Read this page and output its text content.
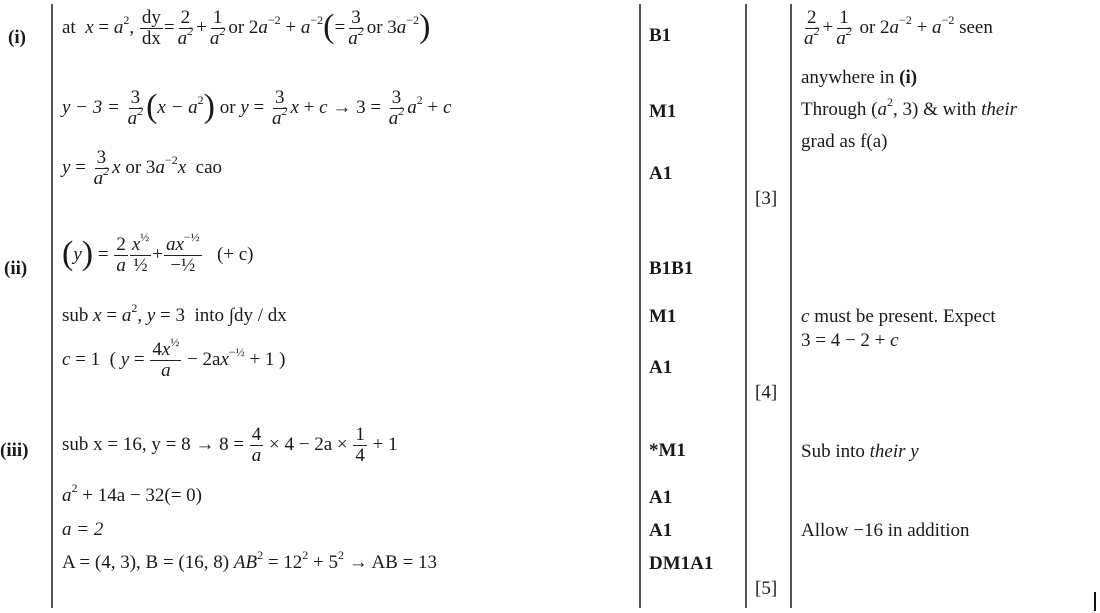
(i) at $x = a^2$, $\frac{dy}{dx} = \frac{2}{a^2} + \frac{1}{a^2}$ or $2a^{-2} + a^{-2}(= \frac{3}{a^2}$ or $3a^{-2}$)
$y - 3 = \frac{3}{a^2} (x - a^2)$ or $y = \frac{3}{a^2}$ $x + c \to 3 = \frac{3}{a^2} a^2 + c$
$y = \frac{3}{a^2}$ x or $3a^{-2}x$ cao
B1
M1
A1
[3]
$\frac{2}{a^2} + \frac{1}{a^2}$ or $2a^{-2} + a^{-2}$ seen
anywhere in (i)
Through ($a^2$, 3) & with their
grad as f(a)
(ii) $(y) = \frac{2}{a} \frac{x^{\frac{1}{2}}}{\text{½}} + \frac{ax^{-\frac{1}{2}}}{\text{−½}}$ (+ c)
sub $x = a^2$, y = 3  into ∫dy / dx
c = 1  ( $y = \frac{4x^{\frac{1}{2}}}{a} - 2ax^{-\frac{1}{2}} + 1$ )
B1B1
M1
A1
[4]
c must be present. Expect
3 = 4 − 2 + c
(iii) sub x = 16, $y = 8 \to 8 = \frac{4}{a} \times 4 - 2a \times \frac{1}{4} + 1$
$a^2 + 14a - 32(= 0)$
a = 2
A = (4, 3), B = (16, 8) $AB^2 = 12^2 + 5^2$ → AB = 13
*M1
A1
A1
DM1A1
[5]
Sub into their y
Allow −16 in addition
